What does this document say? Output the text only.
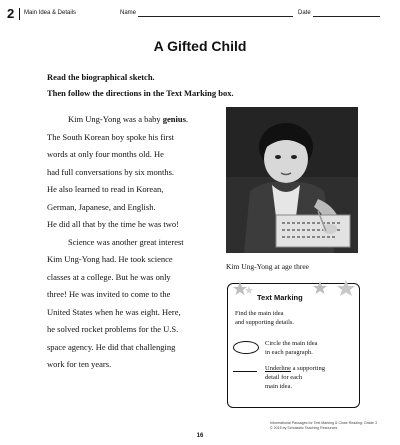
2 Main Idea & Details	Name	Date
A Gifted Child
Read the biographical sketch.
Then follow the directions in the Text Marking box.

Kim Ung-Yong was a baby genius.

The South Korean boy spoke his first

words at only four months old. He

had full conversations by six months.

He also learned to read in Korean,

German, Japanese, and English.

He did all that by the time he was two!

Science was another great interest

Kim Ung-Yong had. He took science

classes at a college. But he was only

three! He was invited to come to the

United States when he was eight. Here,

he solved rocket problems for the U.S.

space agency. He did that challenging

work for ten years.

Kim Ung-Yong at age three
Text Marking
Find the main idea
and supporting details.
Circle the main idea
in each paragraph.
Underline a supporting
detail for each
main idea.
Informational Passages for Text Marking & Close Reading: Grade 3
© 2015 by Scholastic Teaching Resources
16
